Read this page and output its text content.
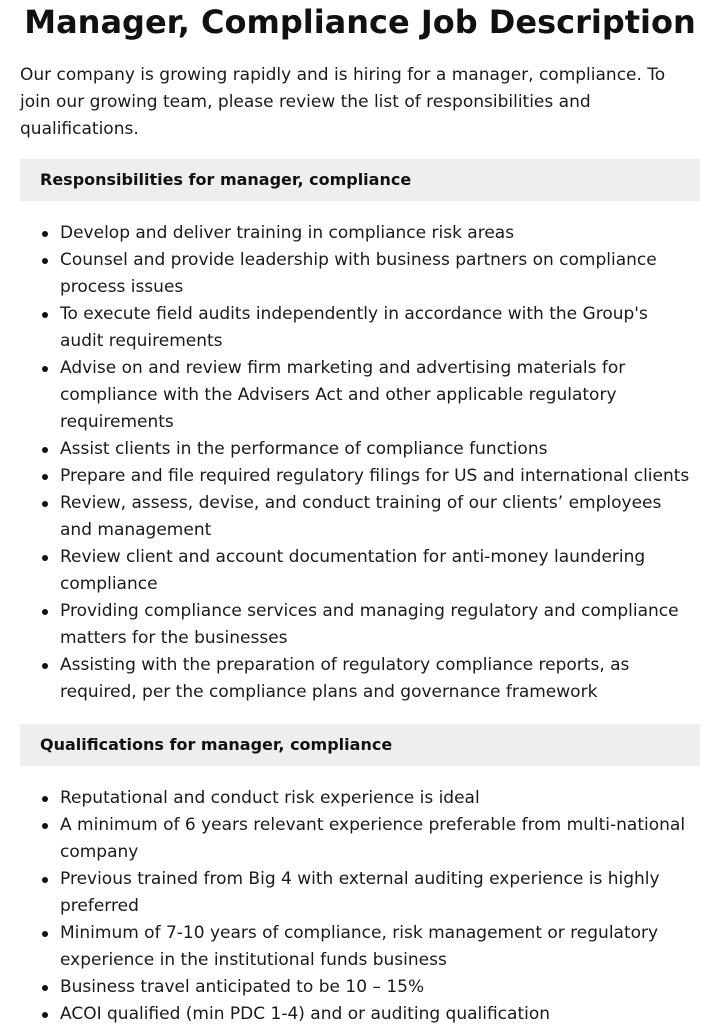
Manager, Compliance Job Description

Our company is growing rapidly and is hiring for a manager, compliance. To join our growing team, please review the list of responsibilities and qualifications.

Responsibilities for manager, compliance
Develop and deliver training in compliance risk areas
Counsel and provide leadership with business partners on compliance process issues
To execute field audits independently in accordance with the Group's audit requirements
Advise on and review firm marketing and advertising materials for compliance with the Advisers Act and other applicable regulatory requirements
Assist clients in the performance of compliance functions
Prepare and file required regulatory filings for US and international clients
Review, assess, devise, and conduct training of our clients’ employees and management
Review client and account documentation for anti-money laundering compliance
Providing compliance services and managing regulatory and compliance matters for the businesses
Assisting with the preparation of regulatory compliance reports, as required, per the compliance plans and governance framework
Qualifications for manager, compliance
Reputational and conduct risk experience is ideal
A minimum of 6 years relevant experience preferable from multi-national company
Previous trained from Big 4 with external auditing experience is highly preferred
Minimum of 7-10 years of compliance, risk management or regulatory experience in the institutional funds business
Business travel anticipated to be 10 – 15%
ACOI qualified (min PDC 1-4) and or auditing qualification
